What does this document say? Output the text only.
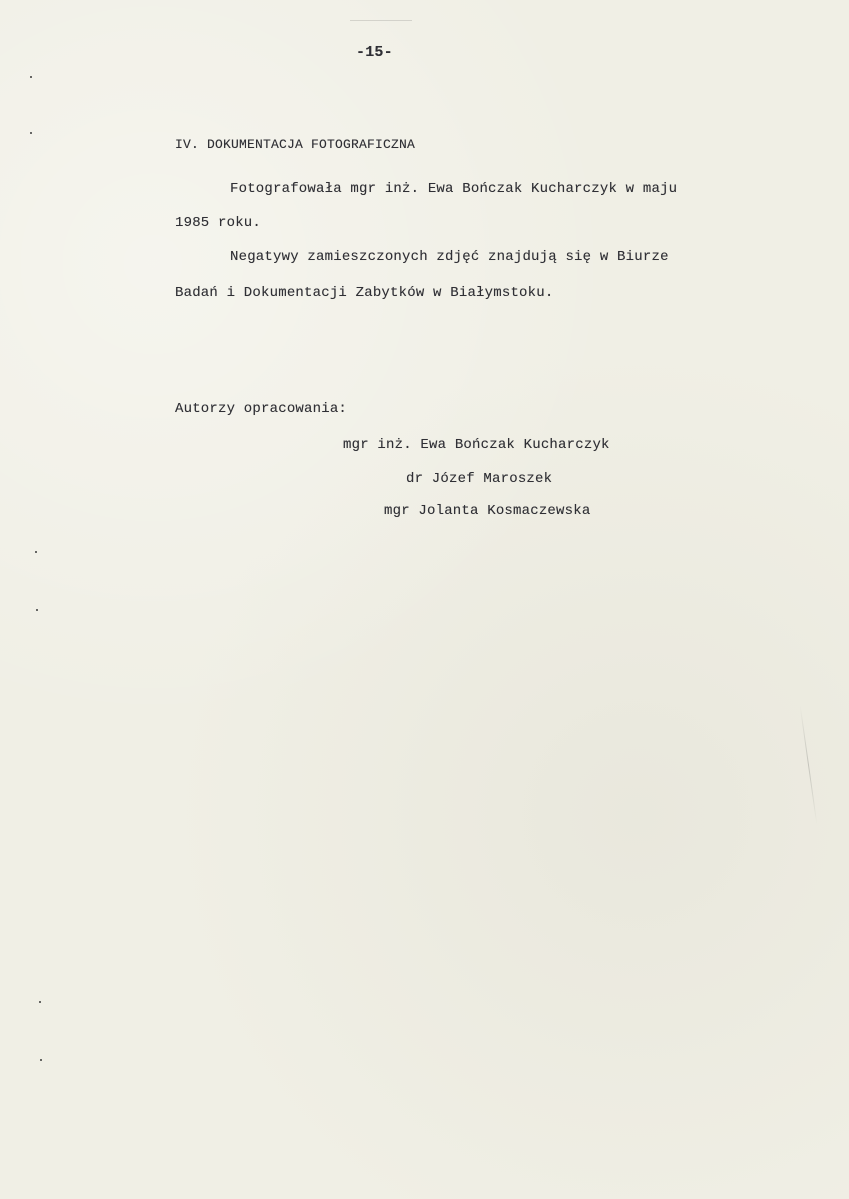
-15-
IV. DOKUMENTACJA FOTOGRAFICZNA
Fotografowała mgr inż. Ewa Bończak Kucharczyk w maju
1985 roku.
Negatywy zamieszczonych zdjęć znajdują się w Biurze
Badań i Dokumentacji Zabytków w Białymstoku.
Autorzy opracowania:
mgr inż. Ewa Bończak Kucharczyk
dr Józef Maroszek
mgr Jolanta Kosmaczewska
